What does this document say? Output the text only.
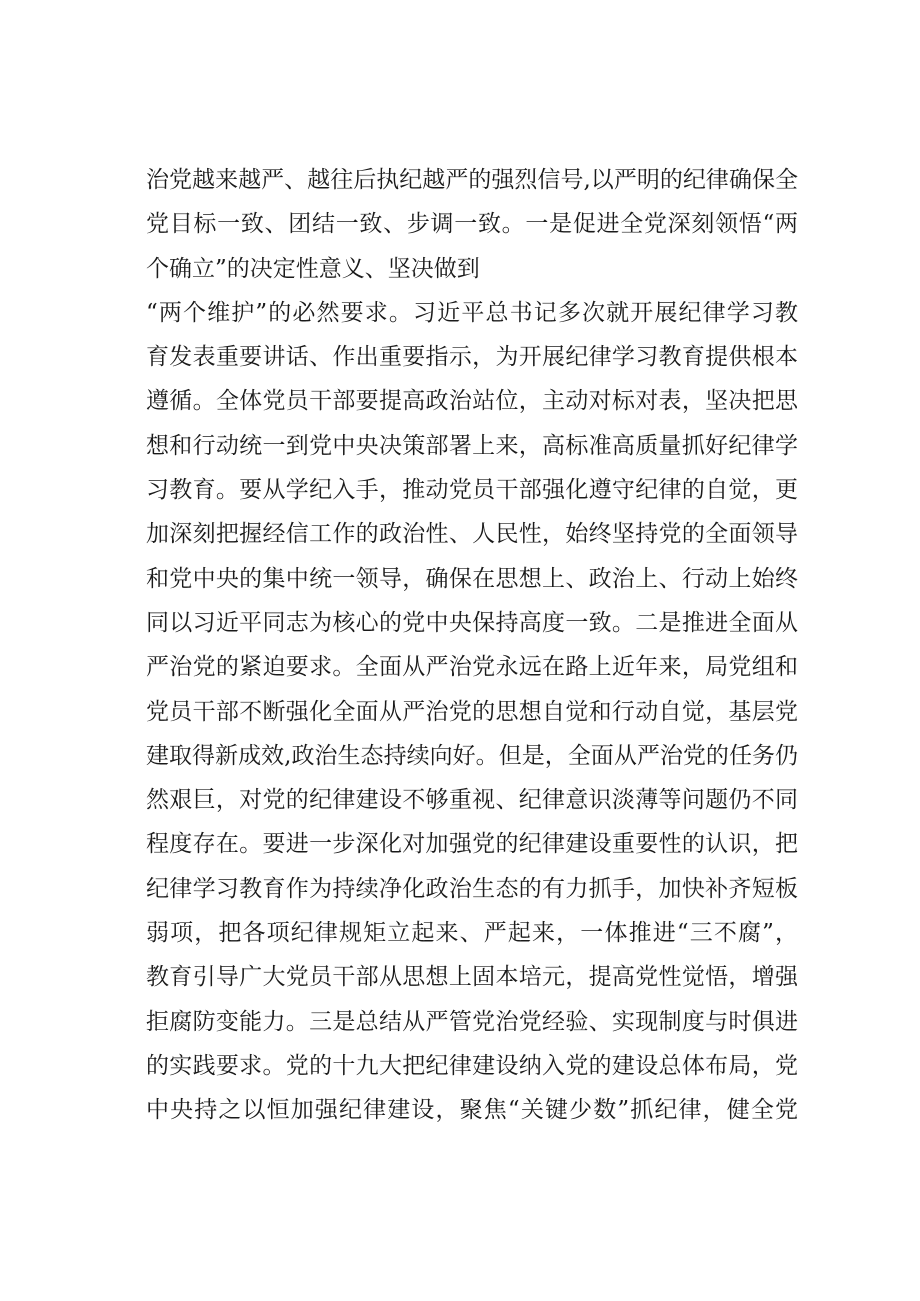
治党越来越严、越往后执纪越严的强烈信号,以严明的纪律确保全
党目标一致、团结一致、步调一致。一是促进全党深刻领悟“两
个确立”的决定性意义、坚决做到
“两个维护”的必然要求。习近平总书记多次就开展纪律学习教
育发表重要讲话、作出重要指示，为开展纪律学习教育提供根本
遵循。全体党员干部要提高政治站位，主动对标对表，坚决把思
想和行动统一到党中央决策部署上来，高标准高质量抓好纪律学
习教育。要从学纪入手，推动党员干部强化遵守纪律的自觉，更
加深刻把握经信工作的政治性、人民性，始终坚持党的全面领导
和党中央的集中统一领导，确保在思想上、政治上、行动上始终
同以习近平同志为核心的党中央保持高度一致。二是推进全面从
严治党的紧迫要求。全面从严治党永远在路上近年来，局党组和
党员干部不断强化全面从严治党的思想自觉和行动自觉，基层党
建取得新成效,政治生态持续向好。但是，全面从严治党的任务仍
然艰巨，对党的纪律建设不够重视、纪律意识淡薄等问题仍不同
程度存在。要进一步深化对加强党的纪律建设重要性的认识，把
纪律学习教育作为持续净化政治生态的有力抓手，加快补齐短板
弱项，把各项纪律规矩立起来、严起来，一体推进“三不腐”，
教育引导广大党员干部从思想上固本培元，提高党性觉悟，增强
拒腐防变能力。三是总结从严管党治党经验、实现制度与时俱进
的实践要求。党的十九大把纪律建设纳入党的建设总体布局，党
中央持之以恒加强纪律建设，聚焦“关键少数”抓纪律，健全党
